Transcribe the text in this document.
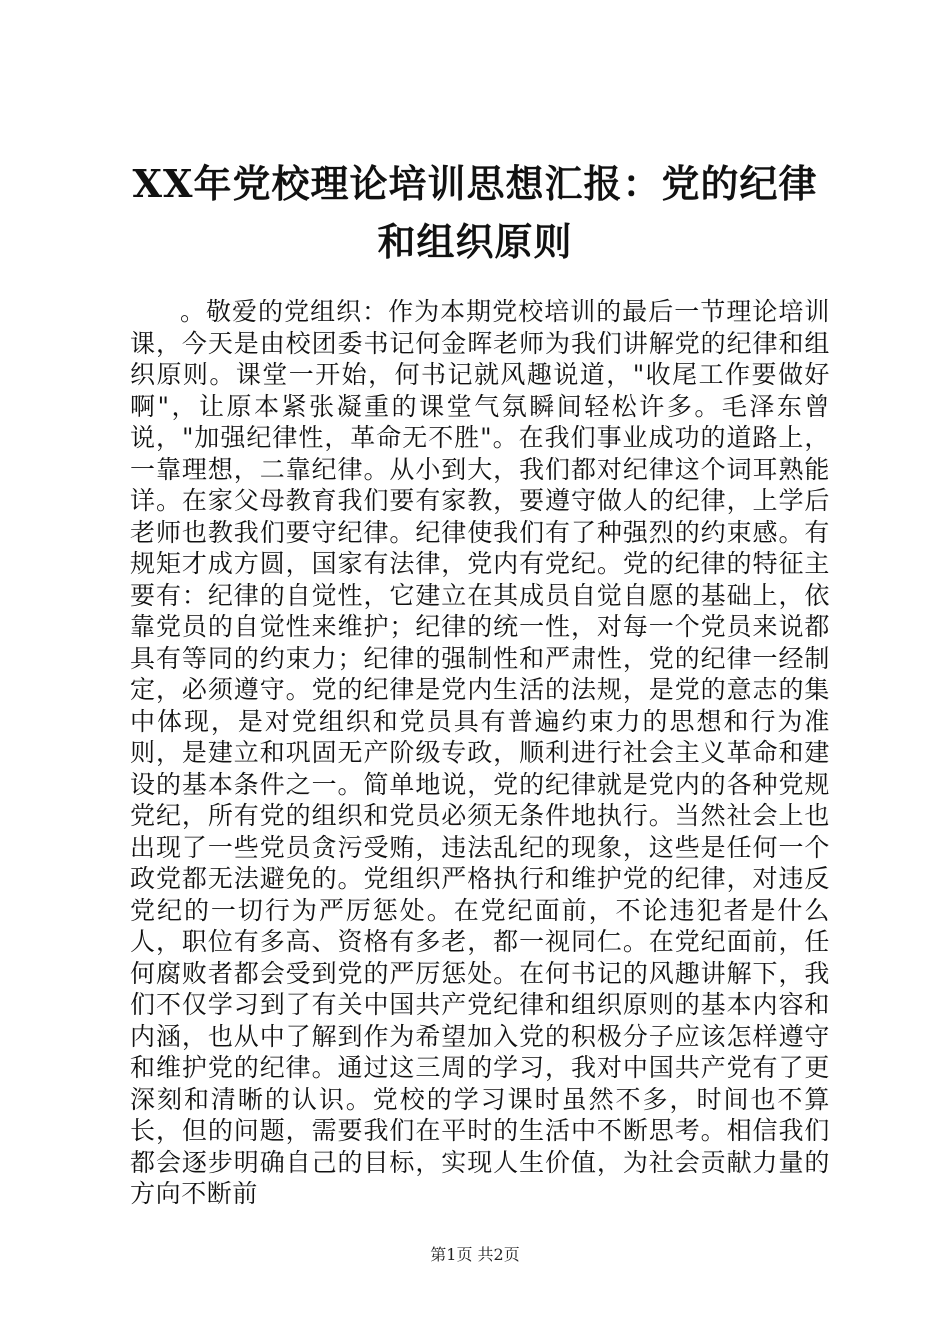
XX年党校理论培训思想汇报：党的纪律和组织原则

。敬爱的党组织：作为本期党校培训的最后一节理论培训课，今天是由校团委书记何金晖老师为我们讲解党的纪律和组织原则。课堂一开始，何书记就风趣说道，"收尾工作要做好啊"，让原本紧张凝重的课堂气氛瞬间轻松许多。毛泽东曾说，"加强纪律性，革命无不胜"。在我们事业成功的道路上，一靠理想，二靠纪律。从小到大，我们都对纪律这个词耳熟能详。在家父母教育我们要有家教，要遵守做人的纪律，上学后老师也教我们要守纪律。纪律使我们有了种强烈的约束感。有规矩才成方圆，国家有法律，党内有党纪。党的纪律的特征主要有：纪律的自觉性，它建立在其成员自觉自愿的基础上，依靠党员的自觉性来维护；纪律的统一性，对每一个党员来说都具有等同的约束力；纪律的强制性和严肃性，党的纪律一经制定，必须遵守。党的纪律是党内生活的法规，是党的意志的集中体现，是对党组织和党员具有普遍约束力的思想和行为准则，是建立和巩固无产阶级专政，顺利进行社会主义革命和建设的基本条件之一。简单地说，党的纪律就是党内的各种党规党纪，所有党的组织和党员必须无条件地执行。当然社会上也出现了一些党员贪污受贿，违法乱纪的现象，这些是任何一个政党都无法避免的。党组织严格执行和维护党的纪律，对违反党纪的一切行为严厉惩处。在党纪面前，不论违犯者是什么人，职位有多高、资格有多老，都一视同仁。在党纪面前，任何腐败者都会受到党的严厉惩处。在何书记的风趣讲解下，我们不仅学习到了有关中国共产党纪律和组织原则的基本内容和内涵，也从中了解到作为希望加入党的积极分子应该怎样遵守和维护党的纪律。通过这三周的学习，我对中国共产党有了更深刻和清晰的认识。党校的学习课时虽然不多，时间也不算长，但的问题，需要我们在平时的生活中不断思考。相信我们都会逐步明确自己的目标，实现人生价值，为社会贡献力量的方向不断前

第1页 共2页
